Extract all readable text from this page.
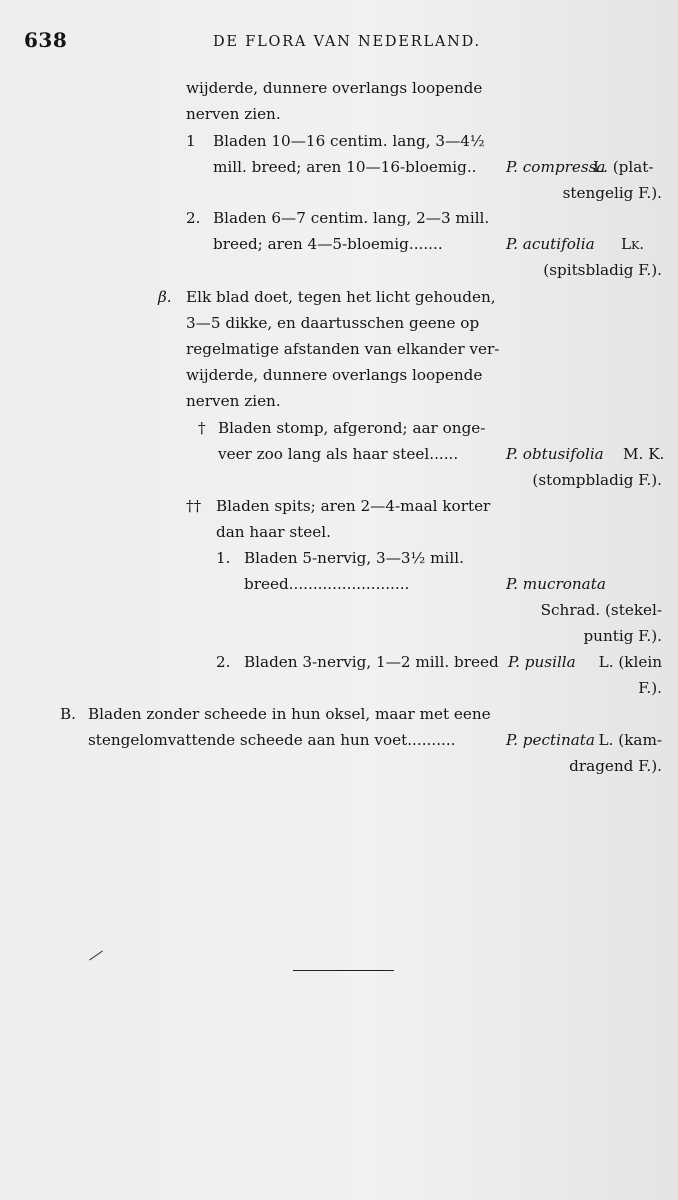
638	DE FLORA VAN NEDERLAND.
wijderde, dunnere overlangs loopende
nerven zien.
1 Bladen 10—16 centim. lang, 3—4½
mill. breed; aren 10—16-bloemig.. P. compressa
L. (plat-
stengelig F.).
2. Bladen 6—7 centim. lang, 2—3 mill.
breed; aren 4—5-bloemig.......	P. acutifolia Lk.
(spitsbladig F.).
β. Elk blad doet, tegen het licht gehouden,
3—5 dikke, en daartusschen geene op
regelmatige afstanden van elkander ver-
wijderde, dunnere overlangs loopende
nerven zien.
† Bladen stomp, afgerond; aar onge-
veer zoo lang als haar steel......	P. obtusifolia M. K.
(stompbladig F.).
†† Bladen spits; aren 2—4-maal korter
dan haar steel.
1. Bladen 5-nervig, 3—3½ mill.
breed.........................	P. mucronata
Schrad. (stekel-
puntig F.).
2. Bladen 3-nervig, 1—2 mill. breed P. pusilla L. (klein
F.).
B. Bladen zonder scheede in hun oksel, maar met eene
stengelomvattende scheede aan hun voet..........	P. pectinata L. (kam-
dragend F.).
